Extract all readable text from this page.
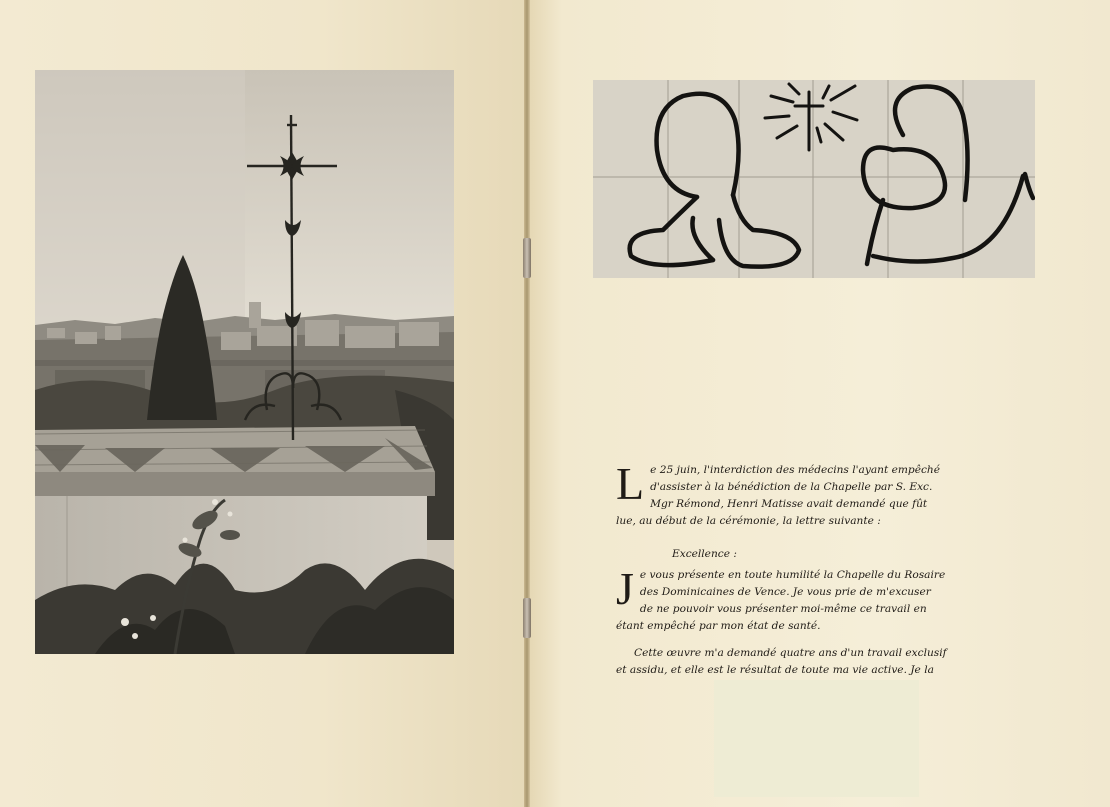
L e 25 juin, l'interdiction des médecins l'ayant empêché
d'assister à la bénédiction de la Chapelle par S. Exc.
Mgr Rémond, Henri Matisse avait demandé que fût
lue, au début de la cérémonie, la lettre suivante :
Excellence :
J e vous présente en toute humilité la Chapelle du Rosaire
des Dominicaines de Vence. Je vous prie de m'excuser
de ne pouvoir vous présenter moi-même ce travail en
étant empêché par mon état de santé.
Cette œuvre m'a demandé quatre ans d'un travail exclusif
et assidu, et elle est le résultat de toute ma vie active. Je la
